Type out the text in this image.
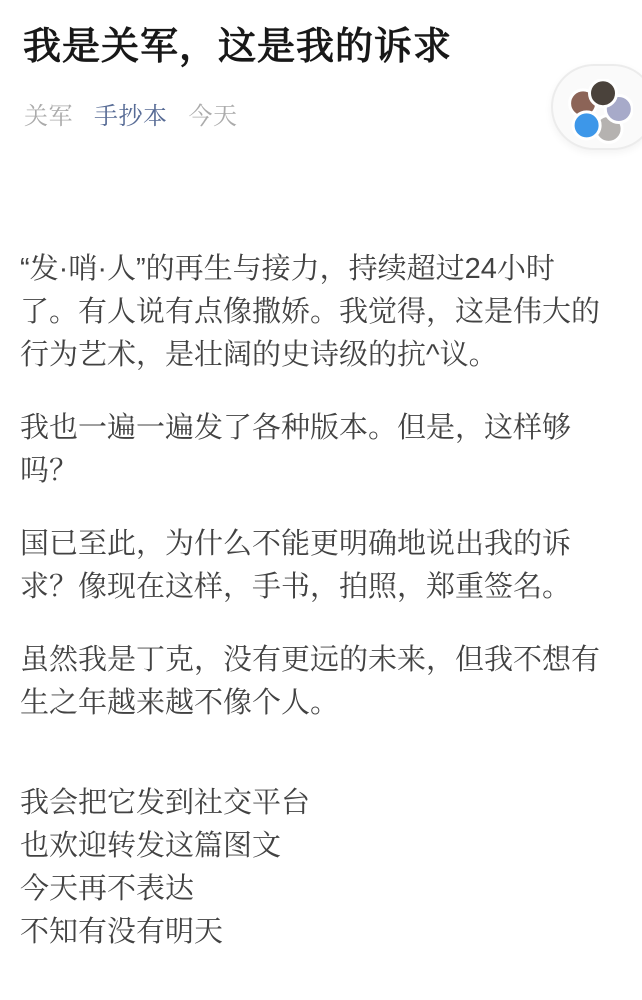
我是关军，这是我的诉求
关军 手抄本 今天

“发·哨·人”的再生与接力，持续超过24小时
了。有人说有点像撒娇。我觉得，这是伟大的
行为艺术，是壮阔的史诗级的抗^议。

我也一遍一遍发了各种版本。但是，这样够
吗？

国已至此，为什么不能更明确地说出我的诉
求？像现在这样，手书，拍照，郑重签名。

虽然我是丁克，没有更远的未来，但我不想有
生之年越来越不像个人。

我会把它发到社交平台
也欢迎转发这篇图文
今天再不表达
不知有没有明天
